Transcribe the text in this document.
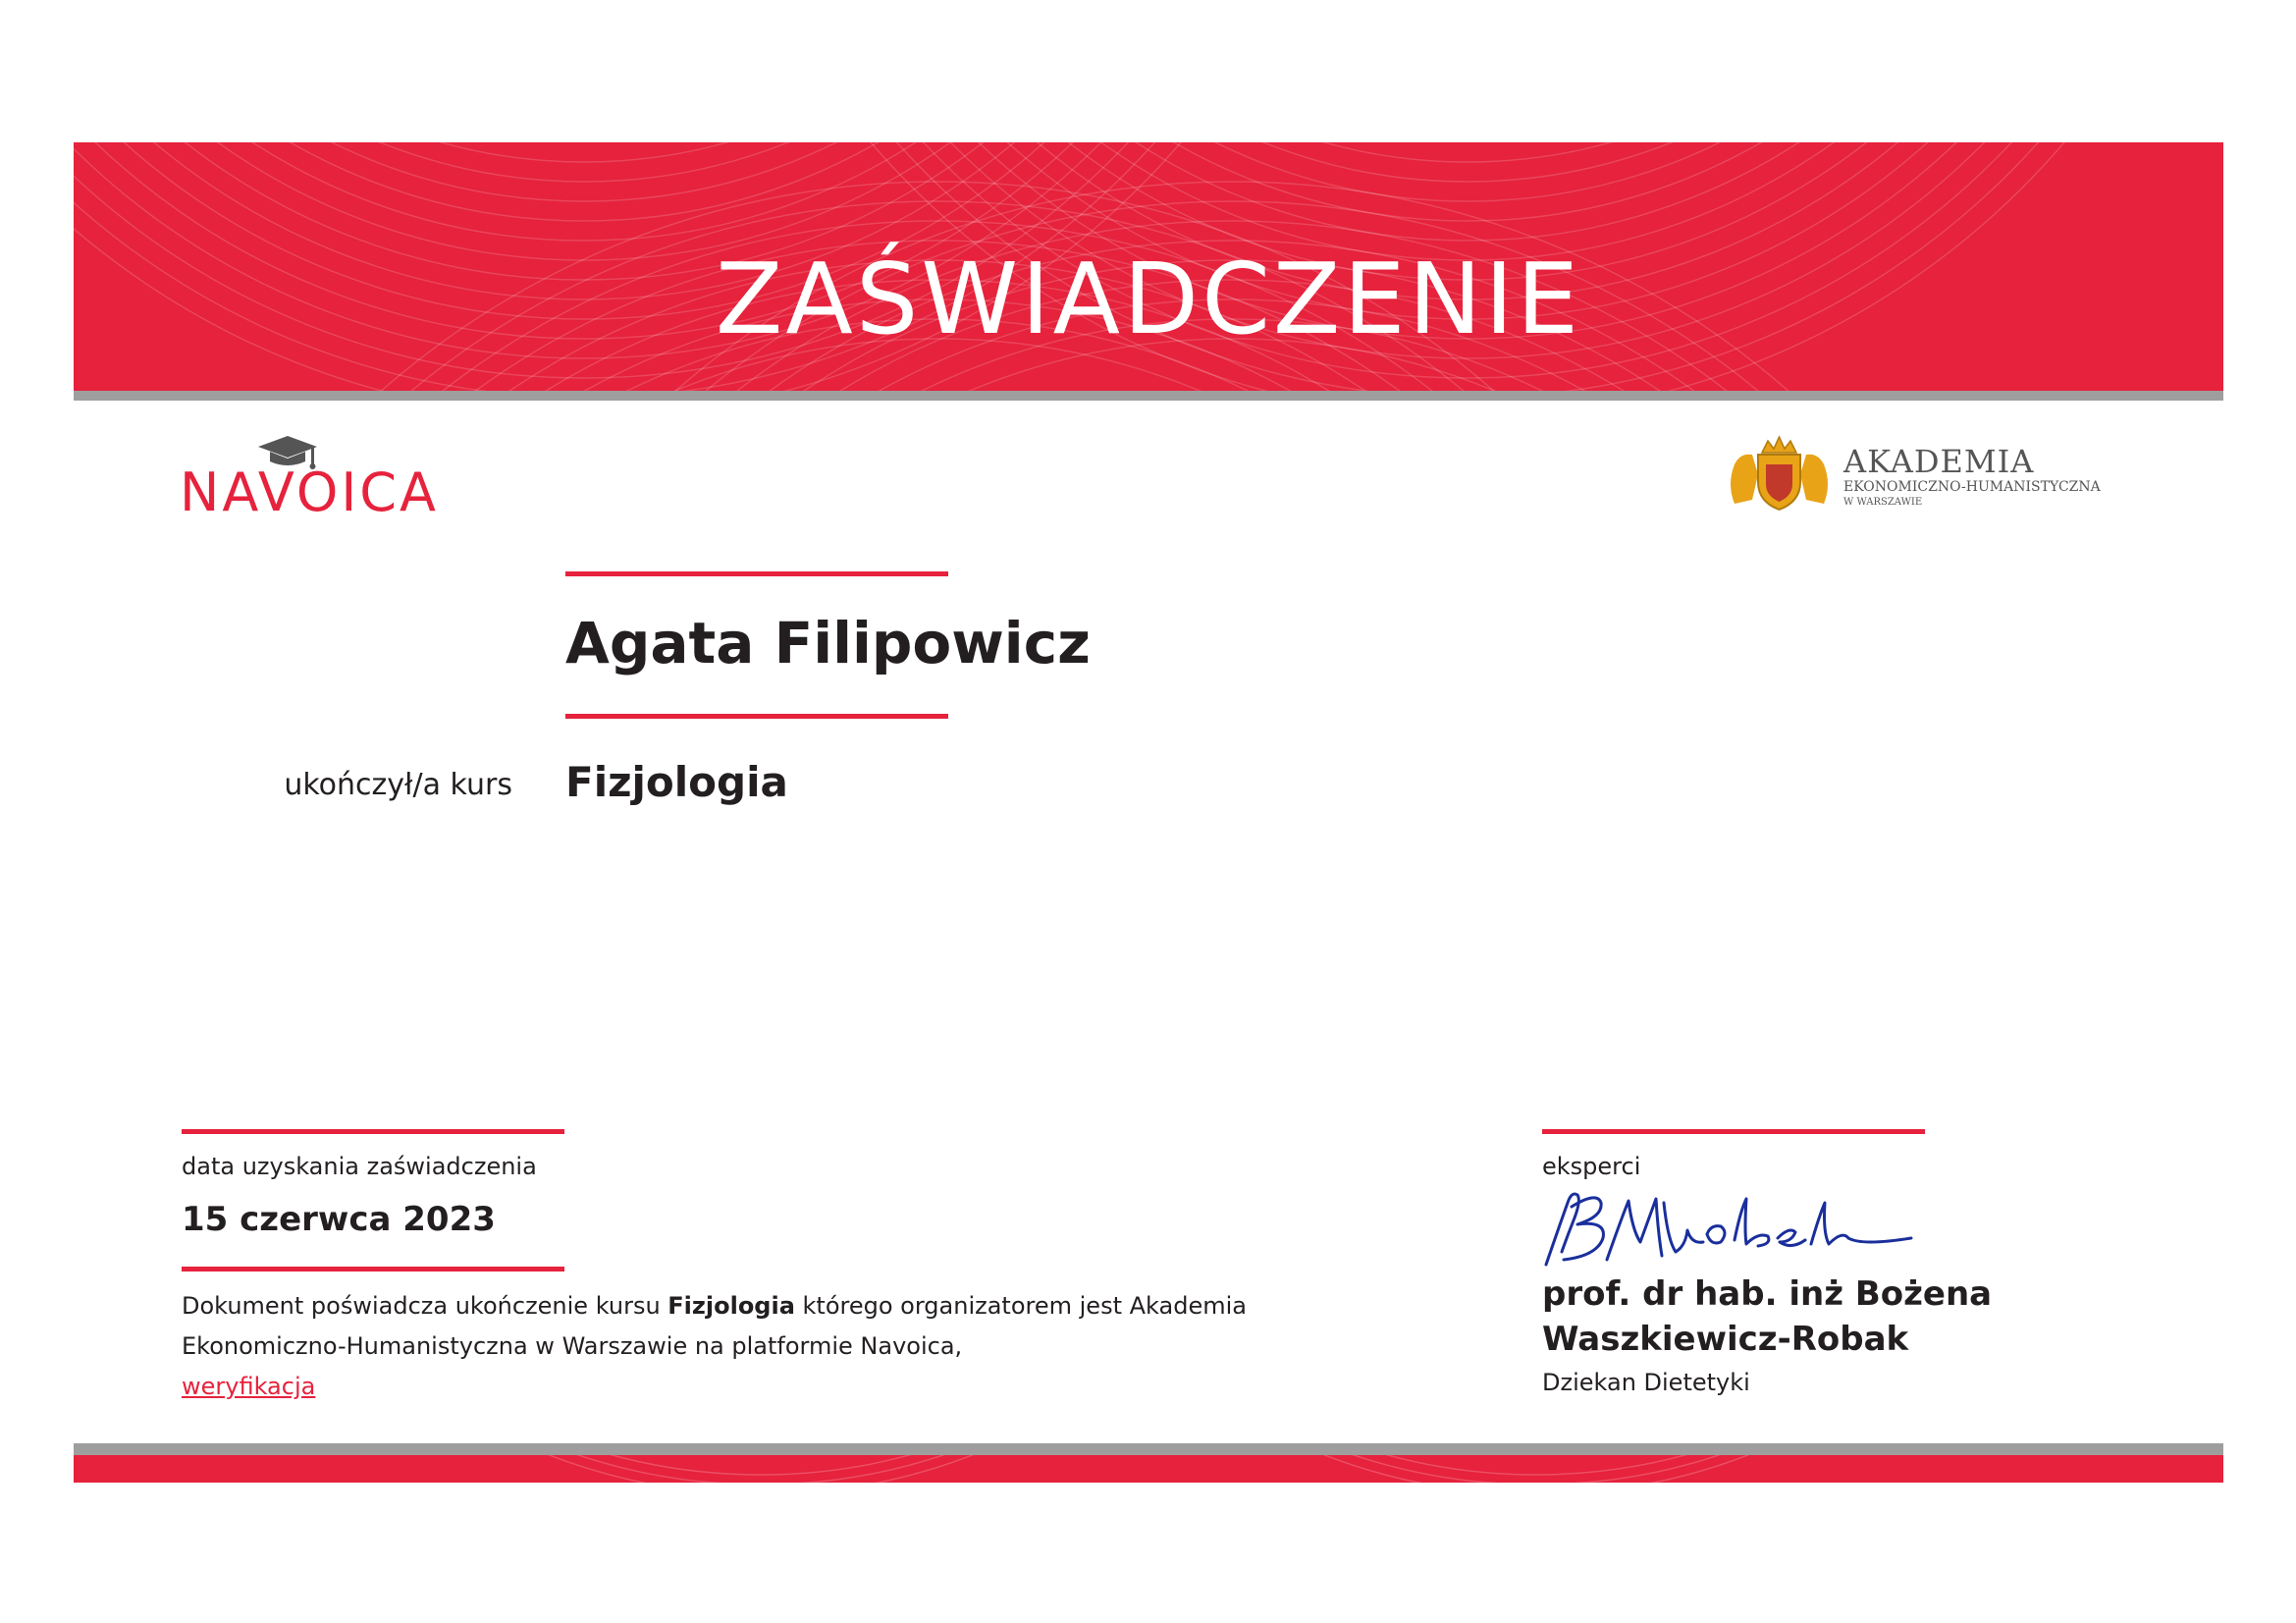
ZAŚWIADCZENIE
NAVOICA	AKADEMIA
EKONOMICZNO-HUMANISTYCZNA
W WARSZAWIE
Agata Filipowicz
ukończył/a kurs Fizjologia
data uzyskania zaświadczenia
15 czerwca 2023
Dokument poświadcza ukończenie kursu Fizjologia którego organizatorem jest Akademia Ekonomiczno-Humanistyczna w Warszawie na platformie Navoica,
weryfikacja
eksperci
prof. dr hab. inż Bożena Waszkiewicz-Robak
Dziekan Dietetyki
